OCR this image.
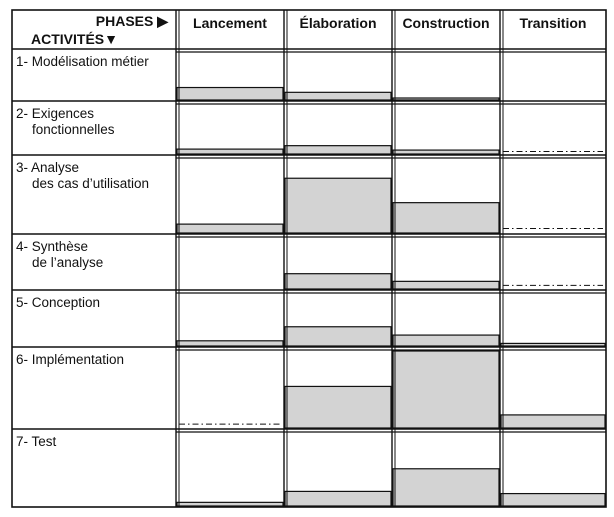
PHASES ▶
ACTIVITÉS▼
Lancement Élaboration Construction Transition
1- Modélisation métier
2- Exigences
fonctionnelles
3- Analyse
des cas d’utilisation
4- Synthèse
de l’analyse
5- Conception
6- Implémentation
7- Test
